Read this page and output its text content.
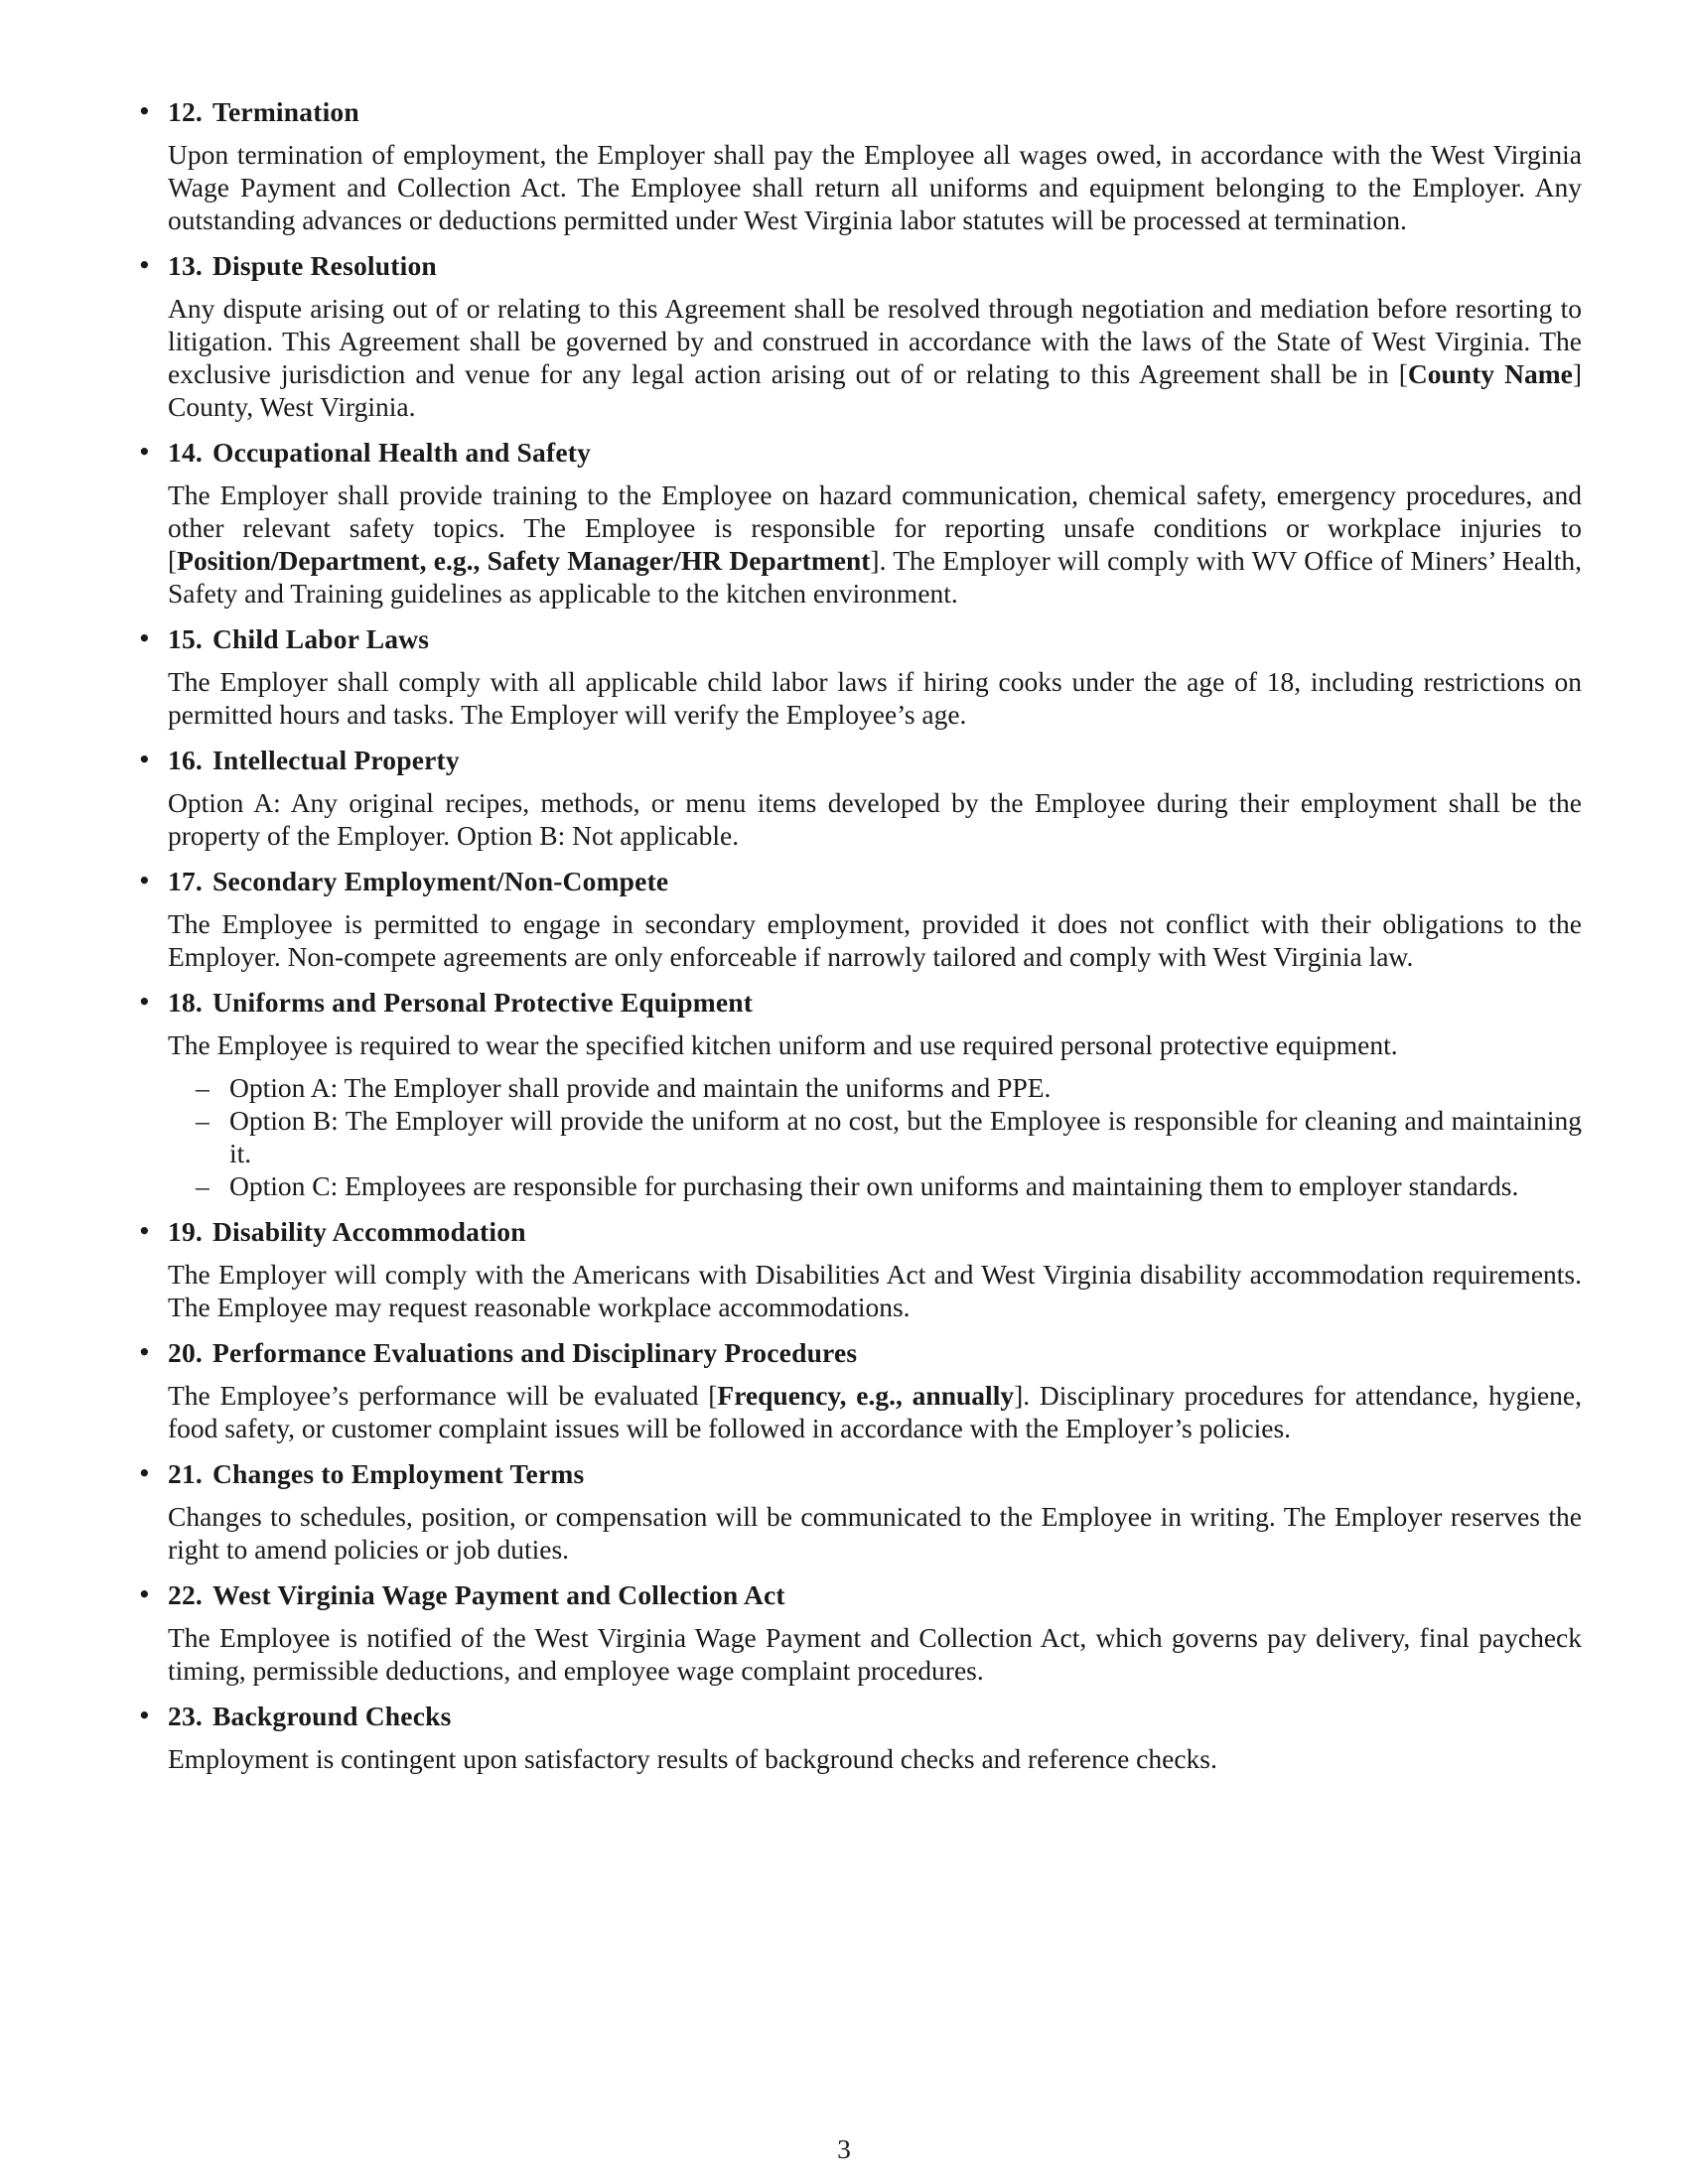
• 12. Termination

Upon termination of employment, the Employer shall pay the Employee all wages owed, in accordance with the West Virginia Wage Payment and Collection Act. The Employee shall return all uniforms and equipment belonging to the Employer. Any outstanding advances or deductions permitted under West Virginia labor statutes will be processed at termination.

• 13. Dispute Resolution

Any dispute arising out of or relating to this Agreement shall be resolved through negotiation and mediation before resorting to litigation. This Agreement shall be governed by and construed in accordance with the laws of the State of West Virginia. The exclusive jurisdiction and venue for any legal action arising out of or relating to this Agreement shall be in [County Name] County, West Virginia.

• 14. Occupational Health and Safety

The Employer shall provide training to the Employee on hazard communication, chemical safety, emergency procedures, and other relevant safety topics. The Employee is responsible for reporting unsafe conditions or workplace injuries to [Position/Department, e.g., Safety Manager/HR Department]. The Employer will comply with WV Office of Miners’ Health, Safety and Training guidelines as applicable to the kitchen environment.

• 15. Child Labor Laws

The Employer shall comply with all applicable child labor laws if hiring cooks under the age of 18, including restrictions on permitted hours and tasks. The Employer will verify the Employee’s age.

• 16. Intellectual Property

Option A: Any original recipes, methods, or menu items developed by the Employee during their employment shall be the property of the Employer. Option B: Not applicable.

• 17. Secondary Employment/Non-Compete

The Employee is permitted to engage in secondary employment, provided it does not conflict with their obligations to the Employer. Non-compete agreements are only enforceable if narrowly tailored and comply with West Virginia law.

• 18. Uniforms and Personal Protective Equipment

The Employee is required to wear the specified kitchen uniform and use required personal protective equipment.

– Option A: The Employer shall provide and maintain the uniforms and PPE.
– Option B: The Employer will provide the uniform at no cost, but the Employee is responsible for cleaning and maintaining it.
– Option C: Employees are responsible for purchasing their own uniforms and maintaining them to employer standards.
• 19. Disability Accommodation

The Employer will comply with the Americans with Disabilities Act and West Virginia disability accommodation requirements. The Employee may request reasonable workplace accommodations.

• 20. Performance Evaluations and Disciplinary Procedures

The Employee’s performance will be evaluated [Frequency, e.g., annually]. Disciplinary procedures for attendance, hygiene, food safety, or customer complaint issues will be followed in accordance with the Employer’s policies.

• 21. Changes to Employment Terms

Changes to schedules, position, or compensation will be communicated to the Employee in writing. The Employer reserves the right to amend policies or job duties.

• 22. West Virginia Wage Payment and Collection Act

The Employee is notified of the West Virginia Wage Payment and Collection Act, which governs pay delivery, final paycheck timing, permissible deductions, and employee wage complaint procedures.

• 23. Background Checks

Employment is contingent upon satisfactory results of background checks and reference checks.

3
